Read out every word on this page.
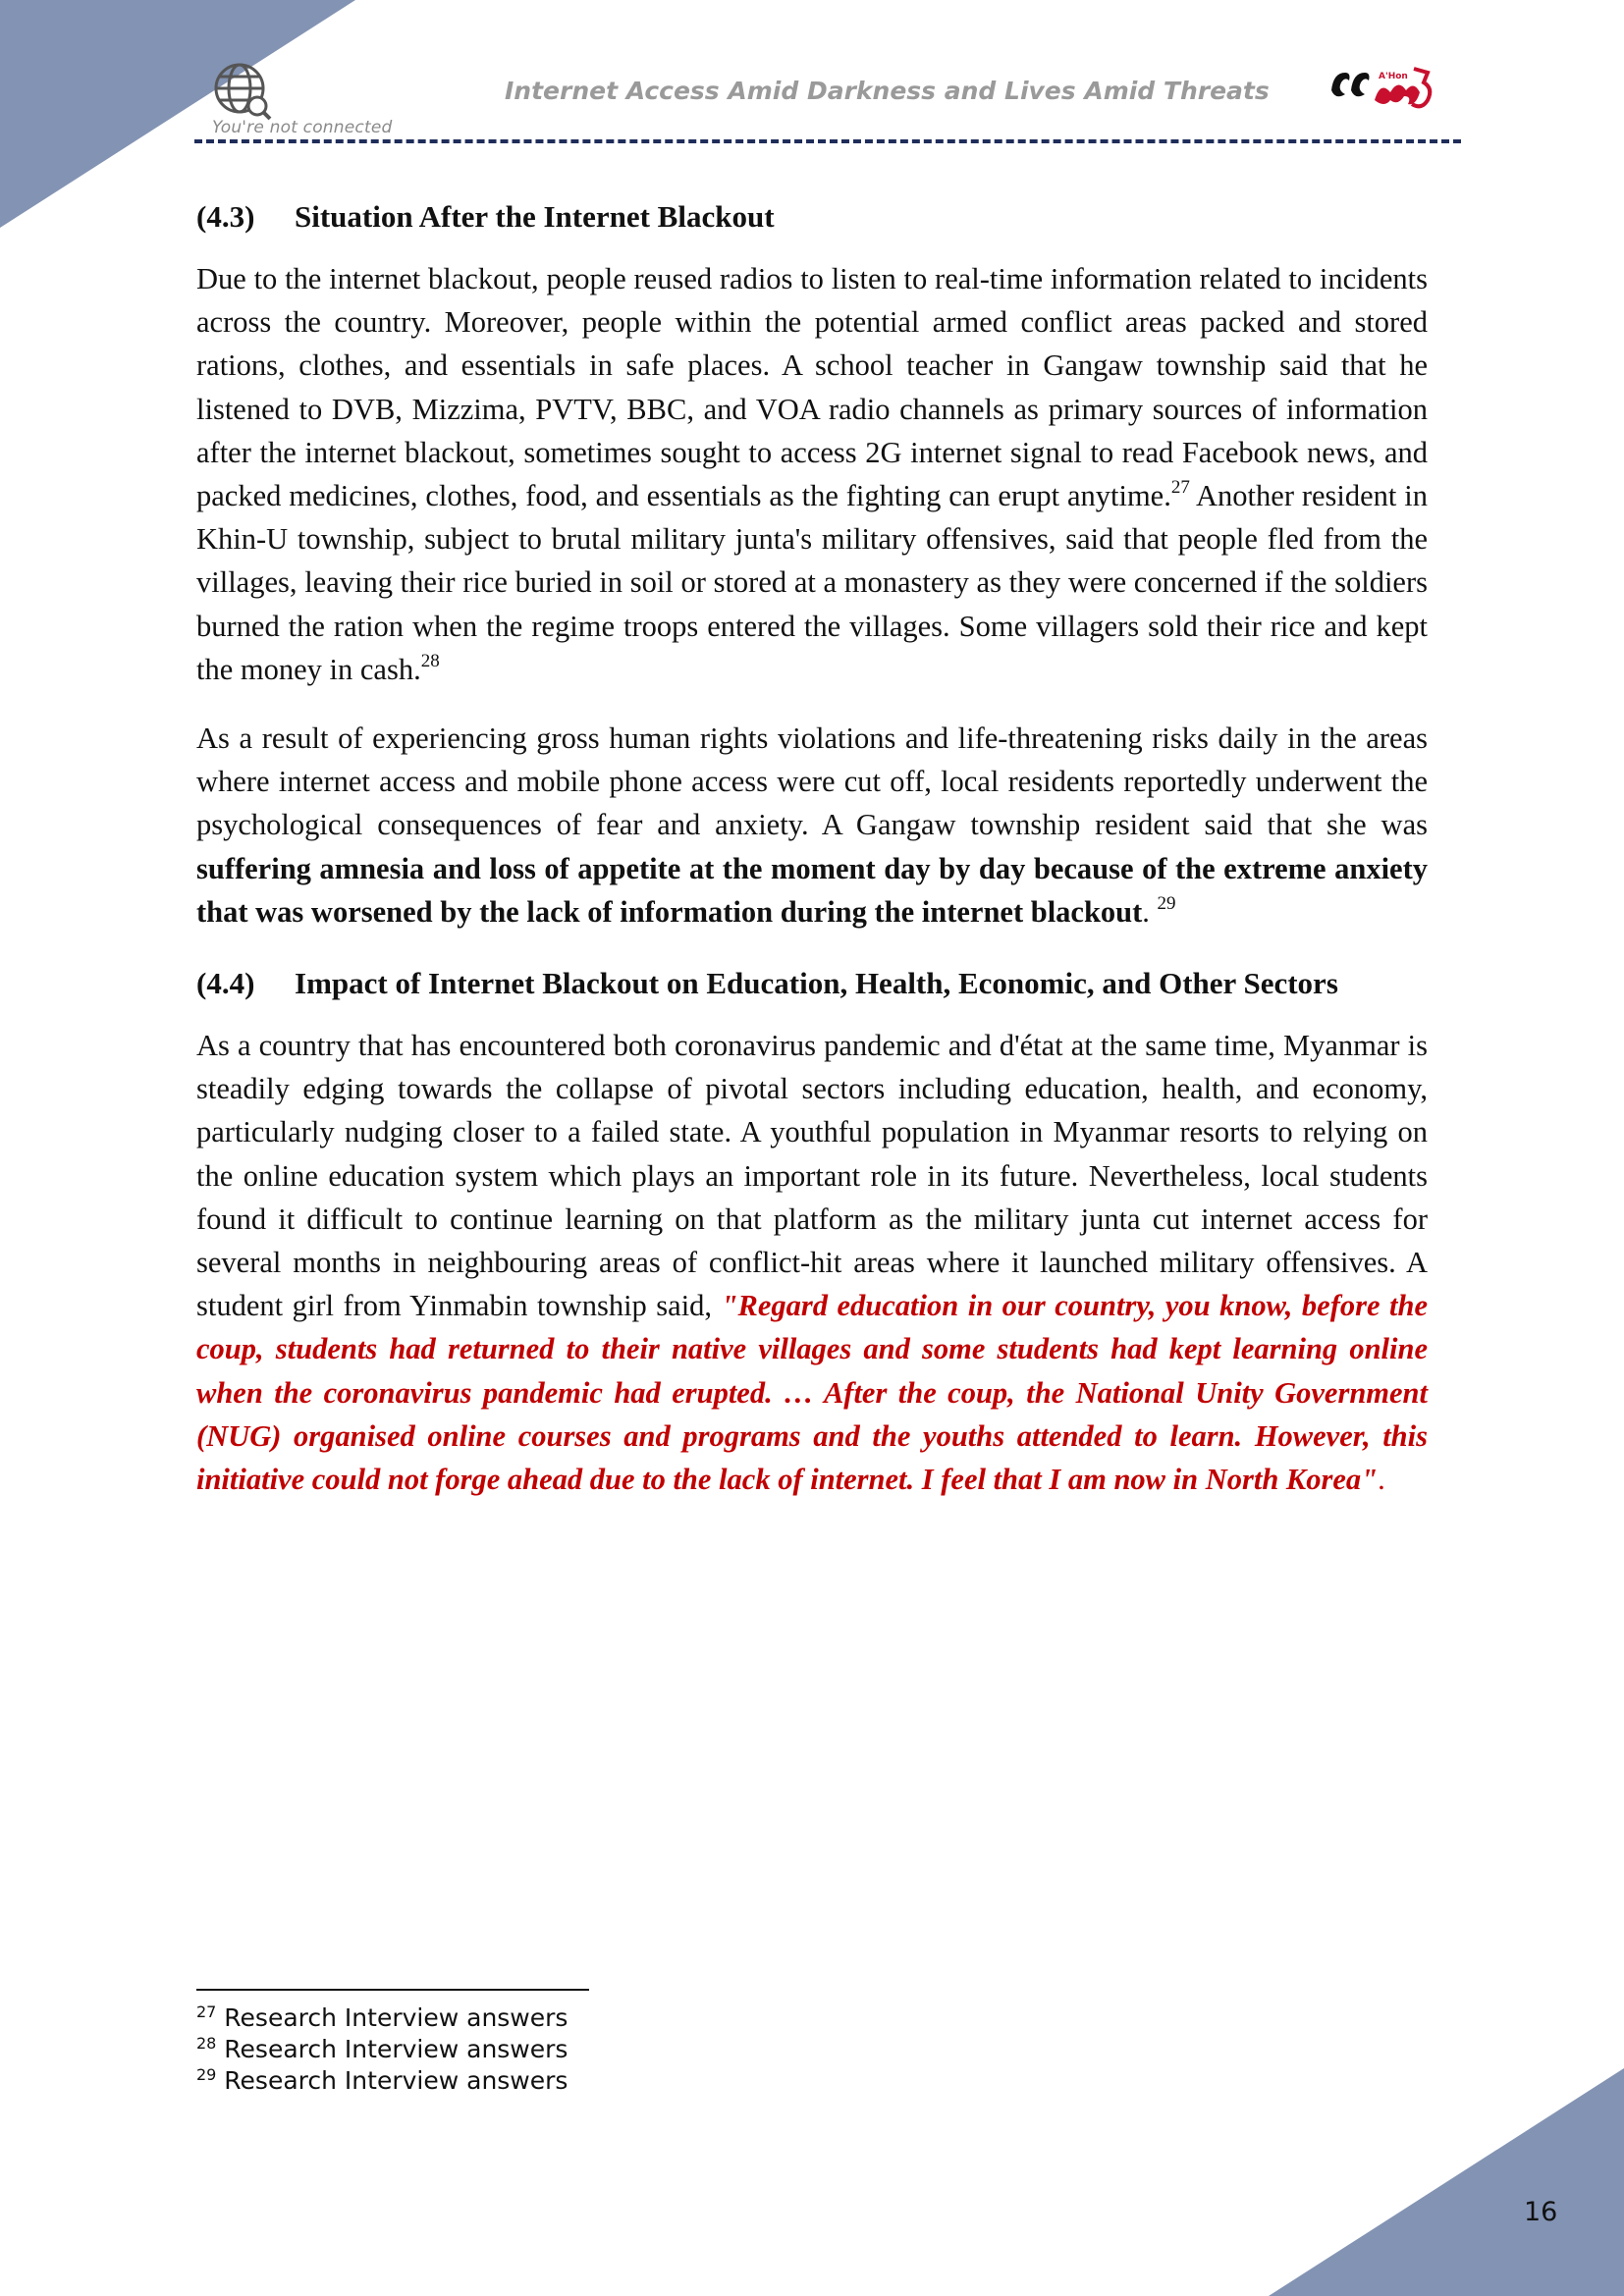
You're not connected
Internet Access Amid Darkness and Lives Amid Threats	A'Hon
(4.3) Situation After the Internet Blackout

Due to the internet blackout, people reused radios to listen to real-time information related to incidents across the country. Moreover, people within the potential armed conflict areas packed and stored rations, clothes, and essentials in safe places. A school teacher in Gangaw township said that he listened to DVB, Mizzima, PVTV, BBC, and VOA radio channels as primary sources of information after the internet blackout, sometimes sought to access 2G internet signal to read Facebook news, and packed medicines, clothes, food, and essentials as the fighting can erupt anytime.$^{27}$ Another resident in Khin-U township, subject to brutal military junta's military offensives, said that people fled from the villages, leaving their rice buried in soil or stored at a monastery as they were concerned if the soldiers burned the ration when the regime troops entered the villages. Some villagers sold their rice and kept the money in cash.$^{28}$

As a result of experiencing gross human rights violations and life-threatening risks daily in the areas where internet access and mobile phone access were cut off, local residents reportedly underwent the psychological consequences of fear and anxiety. A Gangaw township resident said that she was suffering amnesia and loss of appetite at the moment day by day because of the extreme anxiety that was worsened by the lack of information during the internet blackout. $^{29}$

(4.4) Impact of Internet Blackout on Education, Health, Economic, and Other Sectors

As a country that has encountered both coronavirus pandemic and d'état at the same time, Myanmar is steadily edging towards the collapse of pivotal sectors including education, health, and economy, particularly nudging closer to a failed state. A youthful population in Myanmar resorts to relying on the online education system which plays an important role in its future. Nevertheless, local students found it difficult to continue learning on that platform as the military junta cut internet access for several months in neighbouring areas of conflict-hit areas where it launched military offensives. A student girl from Yinmabin township said, "Regard education in our country, you know, before the coup, students had returned to their native villages and some students had kept learning online when the coronavirus pandemic had erupted. … After the coup, the National Unity Government (NUG) organised online courses and programs and the youths attended to learn. However, this initiative could not forge ahead due to the lack of internet. I feel that I am now in North Korea".

$^{27}$ Research Interview answers
$^{28}$ Research Interview answers
$^{29}$ Research Interview answers
16
